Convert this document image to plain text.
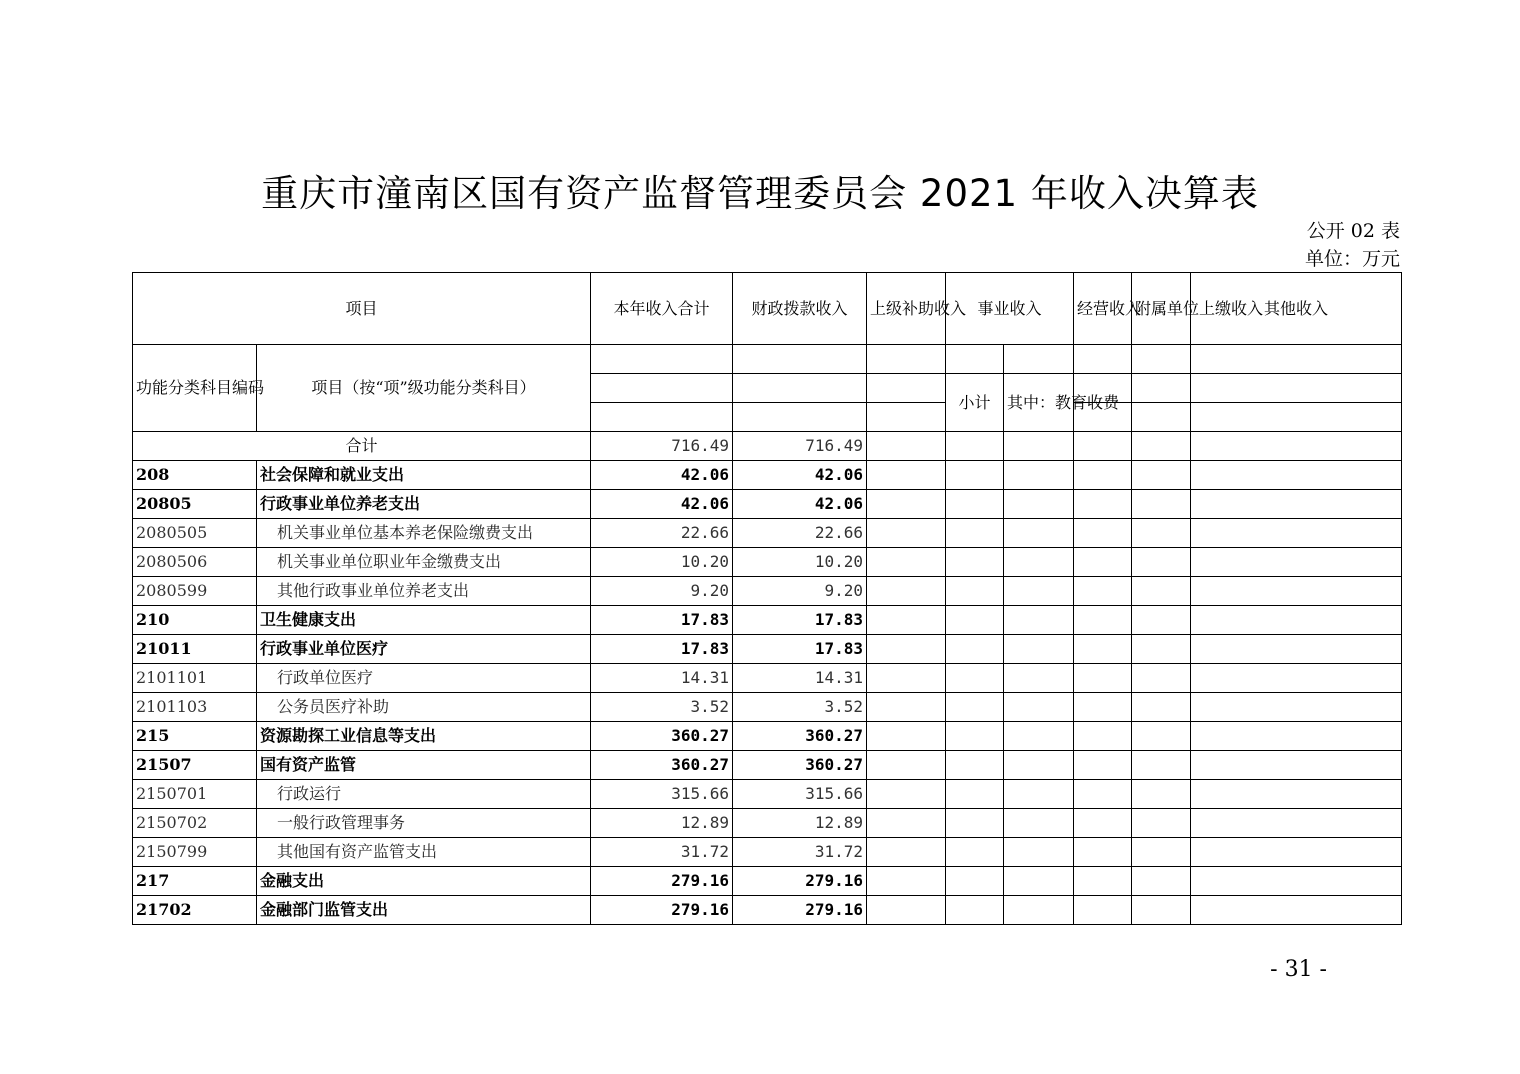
重庆市潼南区国有资产监督管理委员会 2021 年收入决算表
公开 02 表
单位：万元
项目		本年收入合计	财政拨款收入	上级补助收入	事业收入		经营收入	附属单位上缴收入	其他收入
功能分类科目编码	项目（按“项”级功能分类科目）								
					小计	其中：教育收费			

合计		716.49	716.49						
208	社会保障和就业支出	42.06	42.06						
20805	行政事业单位养老支出	42.06	42.06						
2080505	机关事业单位基本养老保险缴费支出	22.66	22.66						
2080506	机关事业单位职业年金缴费支出	10.20	10.20						
2080599	其他行政事业单位养老支出	9.20	9.20						
210	卫生健康支出	17.83	17.83						
21011	行政事业单位医疗	17.83	17.83						
2101101	行政单位医疗	14.31	14.31						
2101103	公务员医疗补助	3.52	3.52						
215	资源勘探工业信息等支出	360.27	360.27						
21507	国有资产监管	360.27	360.27						
2150701	行政运行	315.66	315.66						
2150702	一般行政管理事务	12.89	12.89						
2150799	其他国有资产监管支出	31.72	31.72						
217	金融支出	279.16	279.16						
21702	金融部门监管支出	279.16	279.16						
- 31 -
